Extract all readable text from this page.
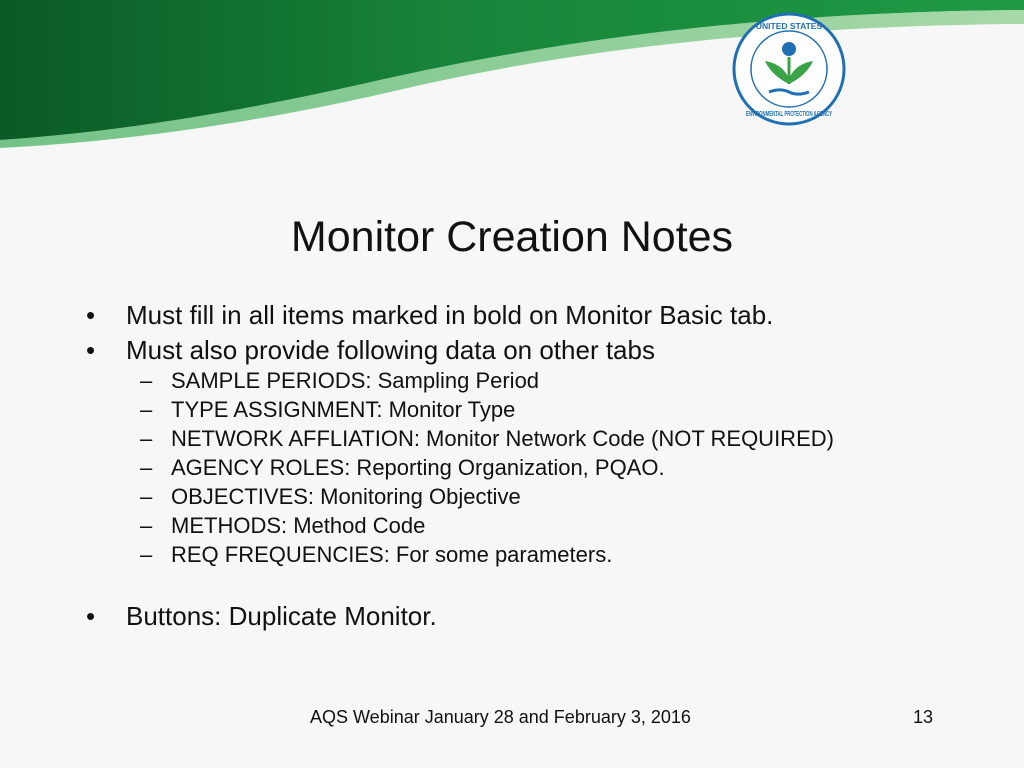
UNITED STATES
ENVIRONMENTAL PROTECTION AGENCY
Monitor Creation Notes
• Must fill in all items marked in bold on Monitor Basic tab.
• Must also provide following data on other tabs
– SAMPLE PERIODS: Sampling Period
– TYPE ASSIGNMENT: Monitor Type
– NETWORK AFFLIATION: Monitor Network Code (NOT REQUIRED)
– AGENCY ROLES: Reporting Organization, PQAO.
– OBJECTIVES: Monitoring Objective
– METHODS: Method Code
– REQ FREQUENCIES: For some parameters.
• Buttons: Duplicate Monitor.
AQS Webinar January 28 and February 3, 2016	13
